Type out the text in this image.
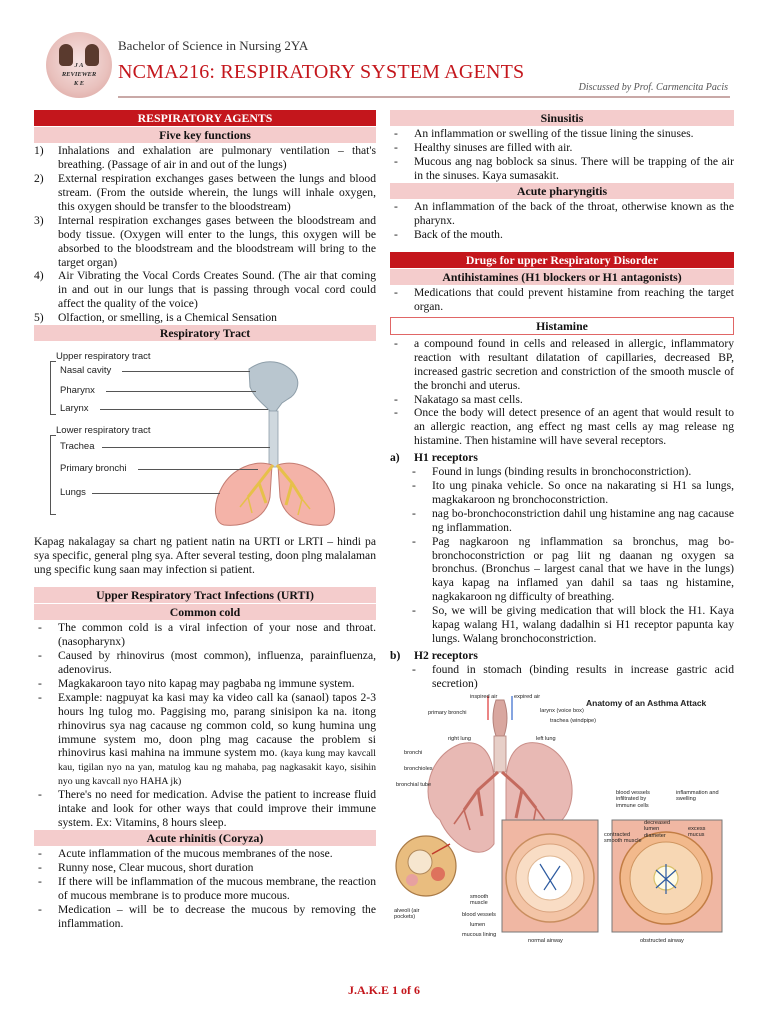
J A
REVIEWER
K E
Bachelor of Science in Nursing 2YA
NCMA216: RESPIRATORY SYSTEM AGENTS
Discussed by Prof. Carmencita Pacis
RESPIRATORY AGENTS
Five key functions
1) Inhalations and exhalation are pulmonary ventilation – that's breathing. (Passage of air in and out of the lungs)
2) External respiration exchanges gases between the lungs and blood stream. (From the outside wherein, the lungs will inhale oxygen, this oxygen should be transfer to the bloodstream)
3) Internal respiration exchanges gases between the bloodstream and body tissue. (Oxygen will enter to the lungs, this oxygen will be absorbed to the bloodstream and the bloodstream will bring to the target organ)
4) Air Vibrating the Vocal Cords Creates Sound. (The air that coming in and out in our lungs that is passing through vocal cord could affect the quality of the voice)
5) Olfaction, or smelling, is a Chemical Sensation
Respiratory Tract
Upper respiratory tract
Nasal cavity
Pharynx
Larynx
Lower respiratory tract
Trachea
Primary bronchi
Lungs
Kapag nakalagay sa chart ng patient natin na URTI or LRTI – hindi pa sya specific, general plng sya. After several testing, doon plng malalaman ung specific kung saan may infection si patient.
Upper Respiratory Tract Infections (URTI)
Common cold
- The common cold is a viral infection of your nose and throat. (nasopharynx)
- Caused by rhinovirus (most common), influenza, parainfluenza, adenovirus.
- Magkakaroon tayo nito kapag may pagbaba ng immune system.
- Example: nagpuyat ka kasi may ka video call ka (sanaol) tapos 2-3 hours lng tulog mo. Paggising mo, parang sinisipon ka na. itong rhinovirus sya nag cacause ng common cold, so kung humina ung immune system mo, doon plng mag cacause the problem si rhinovirus kasi mahina na immune system mo. (kaya kung may kavcall kau, tigilan nyo na yan, matulog kau ng mahaba, pag nagkasakit kayo, sisihin nyo ung kavcall nyo HAHA jk)
- There's no need for medication. Advise the patient to increase fluid intake and look for other ways that could improve their immune system. Ex: Vitamins, 8 hours sleep.
Acute rhinitis (Coryza)
- Acute inflammation of the mucous membranes of the nose.
- Runny nose, Clear mucous, short duration
- If there will be inflammation of the mucous membrane, the reaction of mucous membrane is to produce more mucous.
- Medication – will be to decrease the mucous by removing the inflammation.
Sinusitis
- An inflammation or swelling of the tissue lining the sinuses.
- Healthy sinuses are filled with air.
- Mucous ang nag boblock sa sinus. There will be trapping of the air in the sinuses. Kaya sumasakit.
Acute pharyngitis
- An inflammation of the back of the throat, otherwise known as the pharynx.
- Back of the mouth.
Drugs for upper Respiratory Disorder
Antihistamines (H1 blockers or H1 antagonists)
- Medications that could prevent histamine from reaching the target organ.
Histamine
- a compound found in cells and released in allergic, inflammatory reaction with resultant dilatation of capillaries, decreased BP, increased gastric secretion and constriction of the smooth muscle of the bronchi and uterus.
- Nakatago sa mast cells.
- Once the body will detect presence of an agent that would result to an allergic reaction, ang effect ng mast cells ay mag release ng histamine. Then histamine will have several receptors.
a) H1 receptors
- Found in lungs (binding results in bronchoconstriction).
- Ito ung pinaka vehicle. So once na nakarating si H1 sa lungs, magkakaroon ng bronchoconstriction.
- nag bo-bronchoconstriction dahil ung histamine ang nag cacause ng inflammation.
- Pag nagkaroon ng inflammation sa bronchus, mag bo-bronchoconstriction or pag liit ng daanan ng oxygen sa bronchus. (Bronchus – largest canal that we have in the lungs) kaya kapag na inflamed yan dahil sa taas ng histamine, nagkakaroon ng difficulty of breathing.
- So, we will be giving medication that will block the H1. Kaya kapag walang H1, walang dadalhin si H1 receptor papunta kay lungs. Walang bronchoconstriction.
b) H2 receptors
- found in stomach (binding results in increase gastric acid secretion)
Anatomy of an Asthma Attack
inspired air	expired air
larynx (voice box)
trachea (windpipe)
primary bronchi
right lung	left lung
bronchi
bronchioles
bronchial tube
blood vessels infiltrated by immune cells
inflammation and swelling
contracted smooth muscle
decreased lumen diameter
excess mucus
alveoli (air pockets)
smooth muscle
blood vessels
lumen
mucous lining
normal airway	obstructed airway
J.A.K.E 1 of 6
